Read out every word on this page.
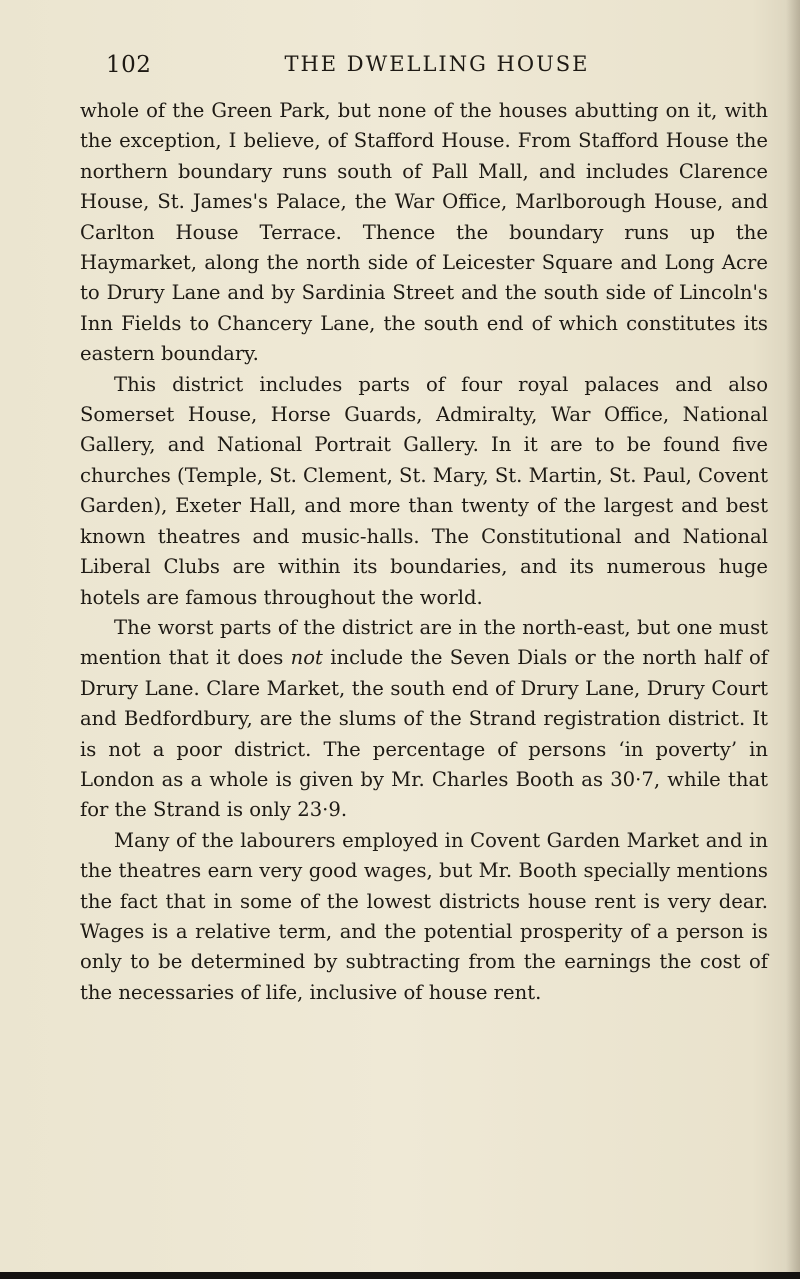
102	THE DWELLING HOUSE

whole of the Green Park, but none of the houses abutting on it, with the exception, I believe, of Stafford House. From Stafford House the northern boundary runs south of Pall Mall, and includes Clarence House, St. James's Palace, the War Office, Marlborough House, and Carlton House Terrace. Thence the boundary runs up the Haymarket, along the north side of Leicester Square and Long Acre to Drury Lane and by Sardinia Street and the south side of Lincoln's Inn Fields to Chancery Lane, the south end of which constitutes its eastern boundary.

This district includes parts of four royal palaces and also Somerset House, Horse Guards, Admiralty, War Office, National Gallery, and National Portrait Gallery. In it are to be found five churches (Temple, St. Clement, St. Mary, St. Martin, St. Paul, Covent Garden), Exeter Hall, and more than twenty of the largest and best known theatres and music-halls. The Constitutional and National Liberal Clubs are within its boundaries, and its numerous huge hotels are famous throughout the world.

The worst parts of the district are in the north-east, but one must mention that it does not include the Seven Dials or the north half of Drury Lane. Clare Market, the south end of Drury Lane, Drury Court and Bedfordbury, are the slums of the Strand registration district. It is not a poor district. The percentage of persons ‘in poverty’ in London as a whole is given by Mr. Charles Booth as 30·7, while that for the Strand is only 23·9.

Many of the labourers employed in Covent Garden Market and in the theatres earn very good wages, but Mr. Booth specially mentions the fact that in some of the lowest districts house rent is very dear. Wages is a relative term, and the potential prosperity of a person is only to be determined by subtracting from the earnings the cost of the necessaries of life, inclusive of house rent.
